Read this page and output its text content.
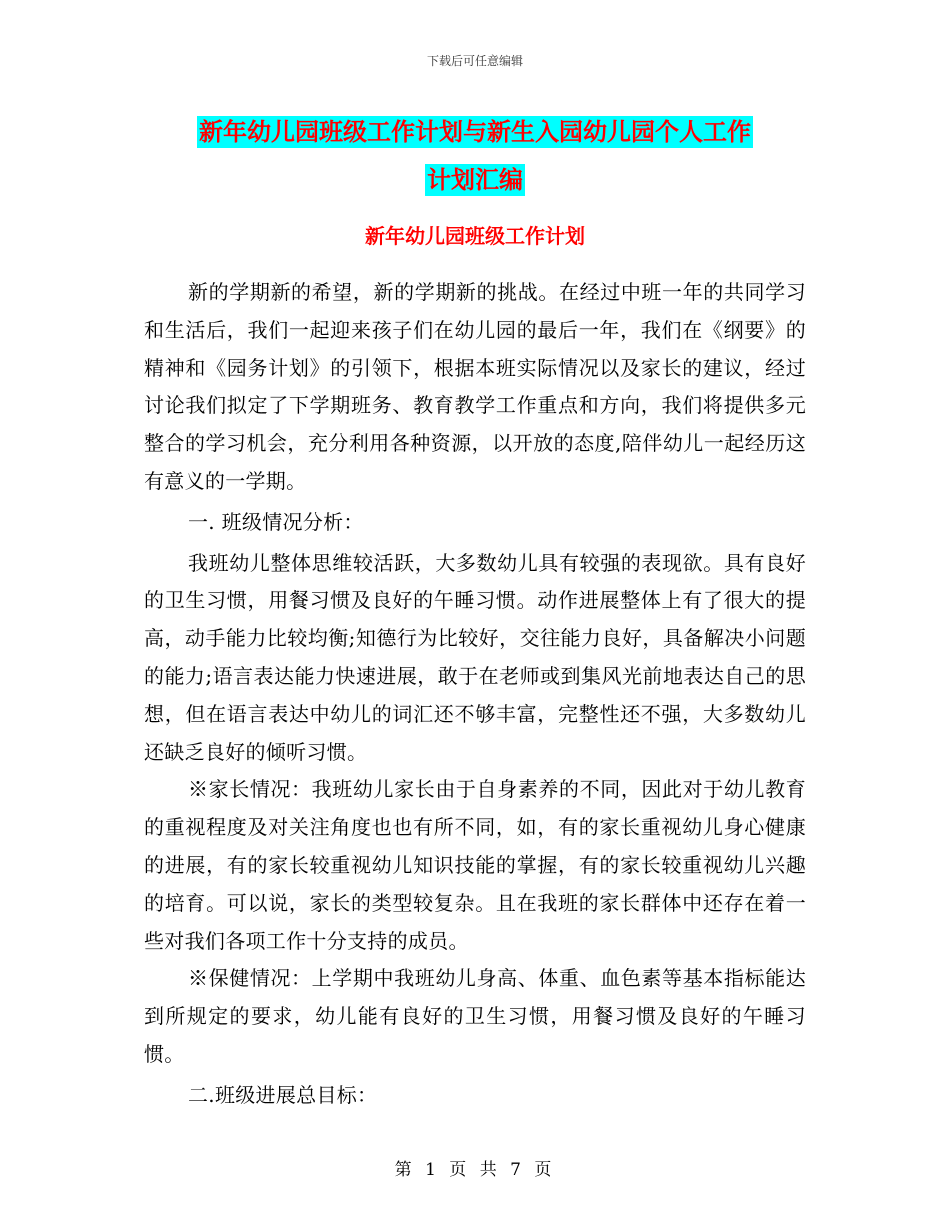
下载后可任意编辑
新年幼儿园班级工作计划与新生入园幼儿园个人工作
计划汇编
新年幼儿园班级工作计划

新的学期新的希望，新的学期新的挑战。在经过中班一年的共同学习和生活后，我们一起迎来孩子们在幼儿园的最后一年，我们在《纲要》的精神和《园务计划》的引领下，根据本班实际情况以及家长的建议，经过讨论我们拟定了下学期班务、教育教学工作重点和方向，我们将提供多元整合的学习机会，充分利用各种资源，以开放的态度,陪伴幼儿一起经历这有意义的一学期。

一. 班级情况分析：

我班幼儿整体思维较活跃，大多数幼儿具有较强的表现欲。具有良好的卫生习惯，用餐习惯及良好的午睡习惯。动作进展整体上有了很大的提高，动手能力比较均衡;知德行为比较好，交往能力良好，具备解决小问题的能力;语言表达能力快速进展，敢于在老师或到集风光前地表达自己的思想，但在语言表达中幼儿的词汇还不够丰富，完整性还不强，大多数幼儿还缺乏良好的倾听习惯。

※家长情况：我班幼儿家长由于自身素养的不同，因此对于幼儿教育的重视程度及对关注角度也也有所不同，如，有的家长重视幼儿身心健康的进展，有的家长较重视幼儿知识技能的掌握，有的家长较重视幼儿兴趣的培育。可以说，家长的类型较复杂。且在我班的家长群体中还存在着一些对我们各项工作十分支持的成员。

※保健情况：上学期中我班幼儿身高、体重、血色素等基本指标能达到所规定的要求，幼儿能有良好的卫生习惯，用餐习惯及良好的午睡习惯。

二.班级进展总目标：

第 1 页 共 7 页
